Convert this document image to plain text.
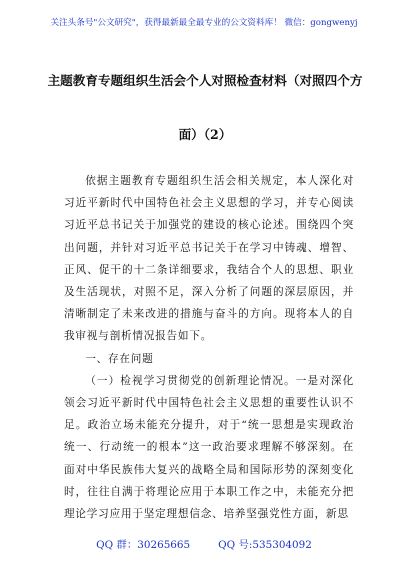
关注头条号"公文研究"，获得最新最全最专业的公文资料库！ 微信：gongwenyj
主题教育专题组织生活会个人对照检查材料（对照四个方
面）（2）

依据主题教育专题组织生活会相关规定，本人深化对习近平新时代中国特色社会主义思想的学习，并专心阅读习近平总书记关于加强党的建设的核心论述。围绕四个突出问题，并针对习近平总书记关于在学习中铸魂、增智、正风、促干的十二条详细要求，我结合个人的思想、职业及生活现状，对照不足，深入分析了问题的深层原因，并清晰制定了未来改进的措施与奋斗的方向。现将本人的自我审视与剖析情况报告如下。

一、存在问题

（一）检视学习贯彻党的创新理论情况。一是对深化领会习近平新时代中国特色社会主义思想的重要性认识不足。政治立场未能充分提升，对于“统一思想是实现政治统一、行动统一的根本”这一政治要求理解不够深刻。在面对中华民族伟大复兴的战略全局和国际形势的深刻变化时，往往自满于将理论应用于本职工作之中，未能充分把理论学习应用于坚定理想信念、培养坚强党性方面，新思

QQ 群：30265665	QQ 号:535304092
